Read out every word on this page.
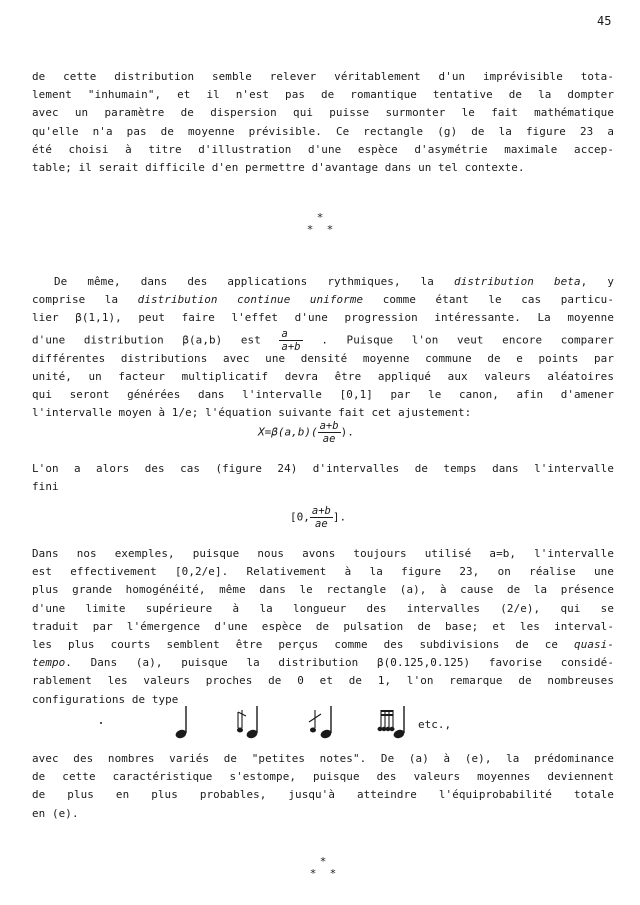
45
de cette distribution semble relever véritablement d'un imprévisible tota-
lement "inhumain", et il n'est pas de romantique tentative de la dompter
avec un paramètre de dispersion qui puisse surmonter le fait mathématique
qu'elle n'a pas de moyenne prévisible. Ce rectangle (g) de la figure 23 a
été choisi à titre d'illustration d'une espèce d'asymétrie maximale accep-
table; il serait difficile d'en permettre d'avantage dans un tel contexte.
*
* *
De même, dans des applications rythmiques, la distribution beta, y
comprise la distribution continue uniforme comme étant le cas particu-
lier β(1,1), peut faire l'effet d'une progression intéressante. La moyenne
d'une distribution β(a,b) est $\frac{a}{a+b}$ . Puisque l'on veut encore comparer
différentes distributions avec une densité moyenne commune de e points par
unité, un facteur multiplicatif devra être appliqué aux valeurs aléatoires
qui seront générées dans l'intervalle [0,1] par le canon, afin d'amener
l'intervalle moyen à 1/e; l'équation suivante fait cet ajustement:
$X=\beta(a,b)( \frac{a+b}{ae}$ ).
L'on a alors des cas (figure 24) d'intervalles de temps dans l'intervalle
fini
[0, $\frac{a+b}{ae}$ ].
Dans nos exemples, puisque nous avons toujours utilisé a=b, l'intervalle
est effectivement [0,2/e]. Relativement à la figure 23, on réalise une
plus grande homogénéité, même dans le rectangle (a), à cause de la présence
d'une limite supérieure à la longueur des intervalles (2/e), qui se
traduit par l'émergence d'une espèce de pulsation de base; et les interval-
les plus courts semblent être perçus comme des subdivisions de ce quasi-
tempo. Dans (a), puisque la distribution β(0.125,0.125) favorise considé-
rablement les valeurs proches de 0 et de 1, l'on remarque de nombreuses
configurations de type
etc.,
avec des nombres variés de "petites notes". De (a) à (e), la prédominance
de cette caractéristique s'estompe, puisque des valeurs moyennes deviennent
de plus en plus probables, jusqu'à atteindre l'équiprobabilité totale
en (e).
*
* *
